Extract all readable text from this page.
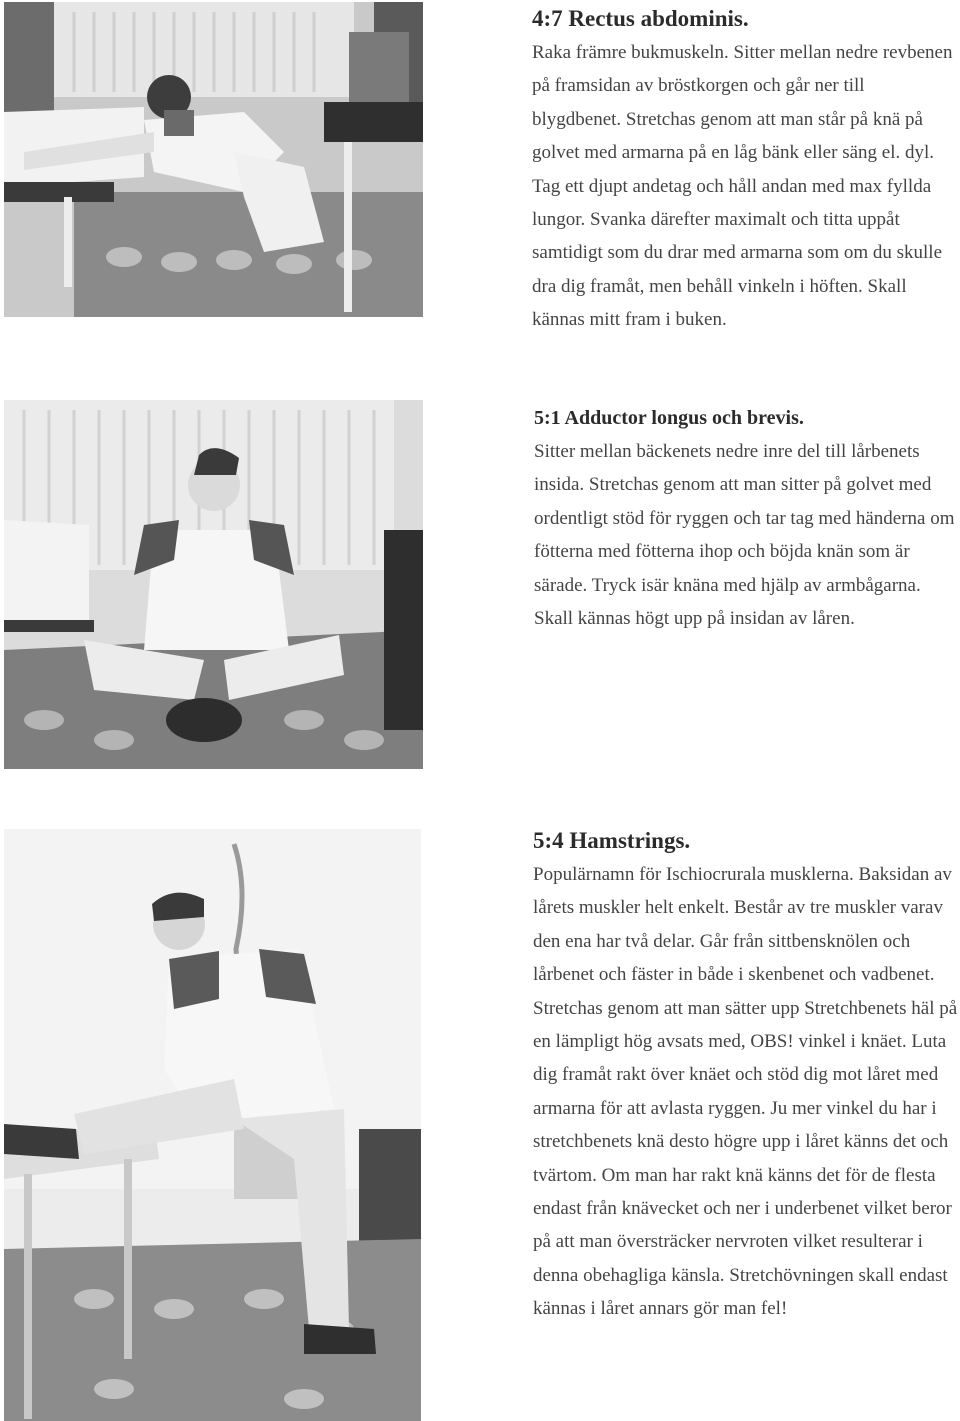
4:7 Rectus abdominis.

Raka främre bukmuskeln. Sitter mellan nedre revbenen på framsidan av bröstkorgen och går ner till blygdbenet. Stretchas genom att man står på knä på golvet med armarna på en låg bänk eller säng el. dyl. Tag ett djupt andetag och håll andan med max fyllda lungor. Svanka därefter maximalt och titta uppåt samtidigt som du drar med armarna som om du skulle dra dig framåt, men behåll vinkeln i höften. Skall kännas mitt fram i buken.

5:1 Adductor longus och brevis.

Sitter mellan bäckenets nedre inre del till lårbenets insida. Stretchas genom att man sitter på golvet med ordentligt stöd för ryggen och tar tag med händerna om fötterna med fötterna ihop och böjda knän som är särade. Tryck isär knäna med hjälp av armbågarna. Skall kännas högt upp på insidan av låren.

5:4 Hamstrings.

Populärnamn för Ischiocrurala musklerna. Baksidan av lårets muskler helt enkelt. Består av tre muskler varav den ena har två delar. Går från sittbensknölen och lårbenet och fäster in både i skenbenet och vadbenet. Stretchas genom att man sätter upp Stretchbenets häl på en lämpligt hög avsats med, OBS! vinkel i knäet. Luta dig framåt rakt över knäet och stöd dig mot låret med armarna för att avlasta ryggen. Ju mer vinkel du har i stretchbenets knä desto högre upp i låret känns det och tvärtom. Om man har rakt knä känns det för de flesta endast från knävecket och ner i underbenet vilket beror på att man översträcker nervroten vilket resulterar i denna obehagliga känsla. Stretchövningen skall endast kännas i låret annars gör man fel!
